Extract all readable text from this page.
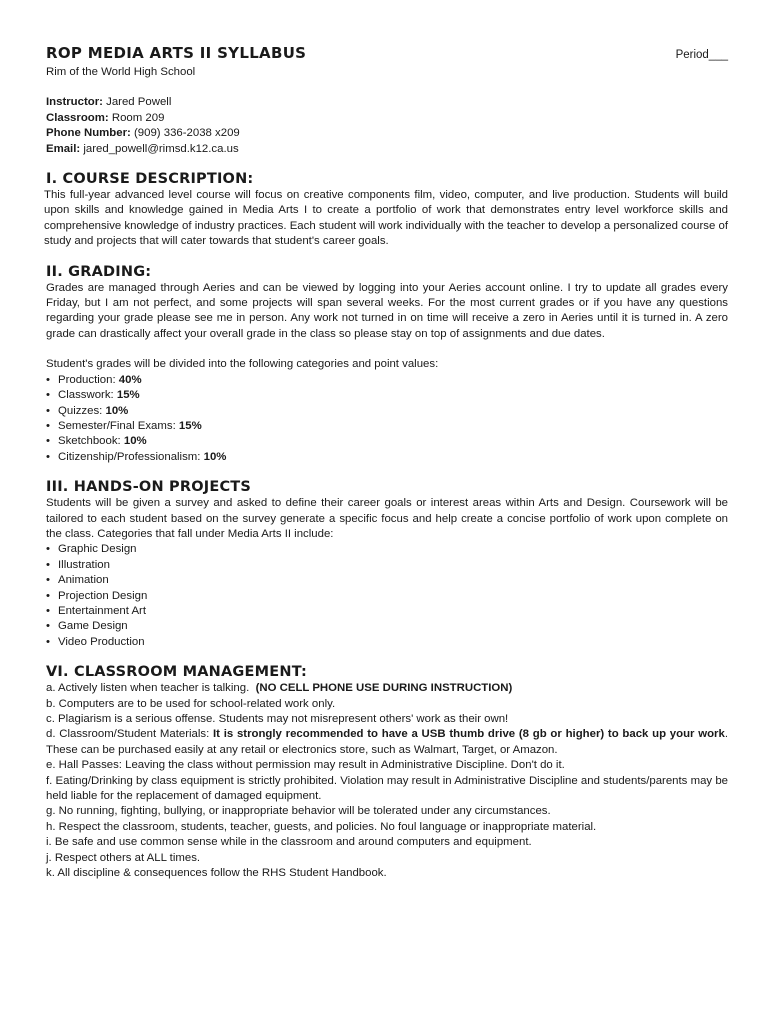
ROP MEDIA ARTS II SYLLABUS	Period___

Rim of the World High School

Instructor: Jared Powell

Classroom: Room 209

Phone Number: (909) 336-2038 x209

Email: jared_powell@rimsd.k12.ca.us

I. COURSE DESCRIPTION:

This full-year advanced level course will focus on creative components film, video, computer, and live production. Students will build upon skills and knowledge gained in Media Arts I to create a portfolio of work that demonstrates entry level workforce skills and comprehensive knowledge of industry practices. Each student will work individually with the teacher to develop a personalized course of study and projects that will cater towards that student's career goals.

II. GRADING:

Grades are managed through Aeries and can be viewed by logging into your Aeries account online. I try to update all grades every Friday, but I am not perfect, and some projects will span several weeks. For the most current grades or if you have any questions regarding your grade please see me in person. Any work not turned in on time will receive a zero in Aeries until it is turned in. A zero grade can drastically affect your overall grade in the class so please stay on top of assignments and due dates.

Student's grades will be divided into the following categories and point values:

• Production: 40%
• Classwork: 15%
• Quizzes: 10%
• Semester/Final Exams: 15%
• Sketchbook: 10%
• Citizenship/Professionalism: 10%
III. HANDS-ON PROJECTS

Students will be given a survey and asked to define their career goals or interest areas within Arts and Design. Coursework will be tailored to each student based on the survey generate a specific focus and help create a concise portfolio of work upon complete on the class. Categories that fall under Media Arts II include:

• Graphic Design
• Illustration
• Animation
• Projection Design
• Entertainment Art
• Game Design
• Video Production
VI. CLASSROOM MANAGEMENT:

a. Actively listen when teacher is talking. (NO CELL PHONE USE DURING INSTRUCTION)

b. Computers are to be used for school-related work only.

c. Plagiarism is a serious offense. Students may not misrepresent others' work as their own!

d. Classroom/Student Materials: It is strongly recommended to have a USB thumb drive (8 gb or higher) to back up your work. These can be purchased easily at any retail or electronics store, such as Walmart, Target, or Amazon.

e. Hall Passes: Leaving the class without permission may result in Administrative Discipline. Don't do it.

f. Eating/Drinking by class equipment is strictly prohibited. Violation may result in Administrative Discipline and students/parents may be held liable for the replacement of damaged equipment.

g. No running, fighting, bullying, or inappropriate behavior will be tolerated under any circumstances.

h. Respect the classroom, students, teacher, guests, and policies. No foul language or inappropriate material.

i. Be safe and use common sense while in the classroom and around computers and equipment.

j. Respect others at ALL times.

k. All discipline & consequences follow the RHS Student Handbook.
